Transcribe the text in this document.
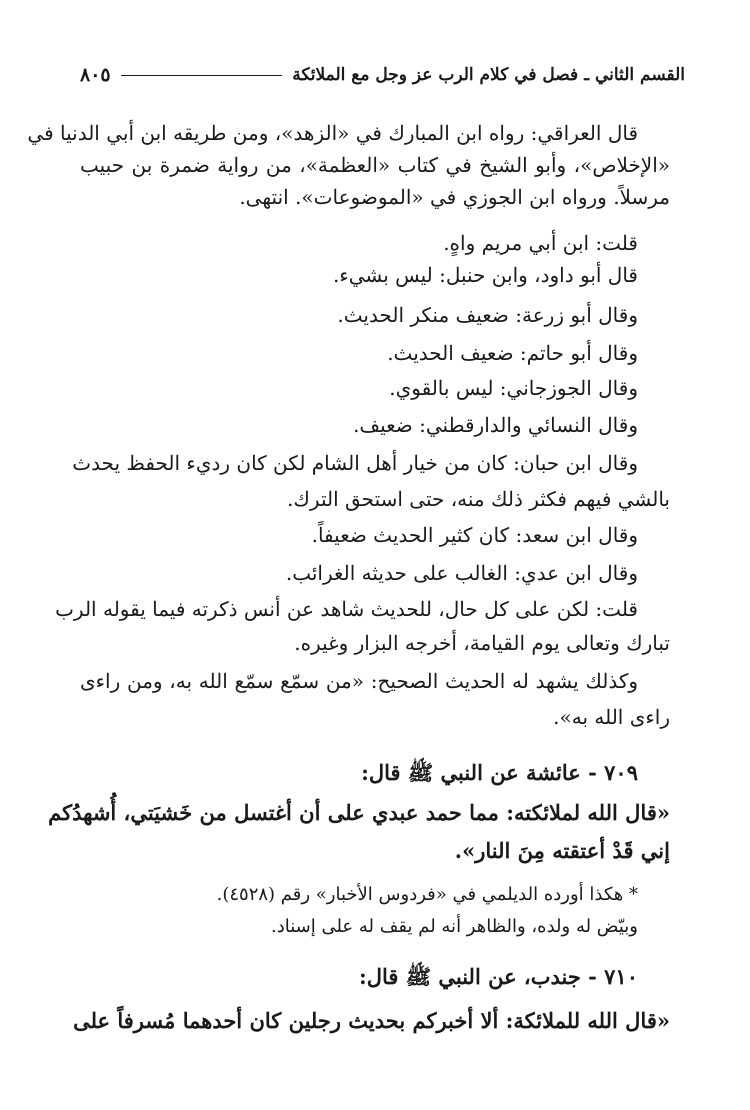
القسم الثاني ـ فصل في كلام الرب عز وجل مع الملائكة
٨٠٥
قال العراقي: رواه ابن المبارك في «الزهد»، ومن طريقه ابن أبي الدنيا في
«الإخلاص»، وأبو الشيخ في كتاب «العظمة»، من رواية ضمرة بن حبيب
مرسلاً. ورواه ابن الجوزي في «الموضوعات». انتهى.
قلت: ابن أبي مريم واهٍ.
قال أبو داود، وابن حنبل: ليس بشيء.
وقال أبو زرعة: ضعيف منكر الحديث.
وقال أبو حاتم: ضعيف الحديث.
وقال الجوزجاني: ليس بالقوي.
وقال النسائي والدارقطني: ضعيف.
وقال ابن حبان: كان من خيار أهل الشام لكن كان رديء الحفظ يحدث
بالشي فيهم فكثر ذلك منه، حتى استحق الترك.
وقال ابن سعد: كان كثير الحديث ضعيفاً.
وقال ابن عدي: الغالب على حديثه الغرائب.
قلت: لكن على كل حال، للحديث شاهد عن أنس ذكرته فيما يقوله الرب
تبارك وتعالى يوم القيامة، أخرجه البزار وغيره.
وكذلك يشهد له الحديث الصحيح: «من سمّع سمّع الله به، ومن راءى
راءى الله به».
٧٠٩ - عائشة عن النبي ﷺ قال:
«قال الله لملائكته: مما حمد عبدي على أن أغتسل من خَشيَتي، أُشهدُكم
إني قَدْ أعتقته مِنَ النار».
* هكذا أورده الديلمي في «فردوس الأخبار» رقم (٤٥٢٨).
وبيّض له ولده، والظاهر أنه لم يقف له على إسناد.
٧١٠ - جندب، عن النبي ﷺ قال:
«قال الله للملائكة: ألا أخبركم بحديث رجلين كان أحدهما مُسرفاً على
